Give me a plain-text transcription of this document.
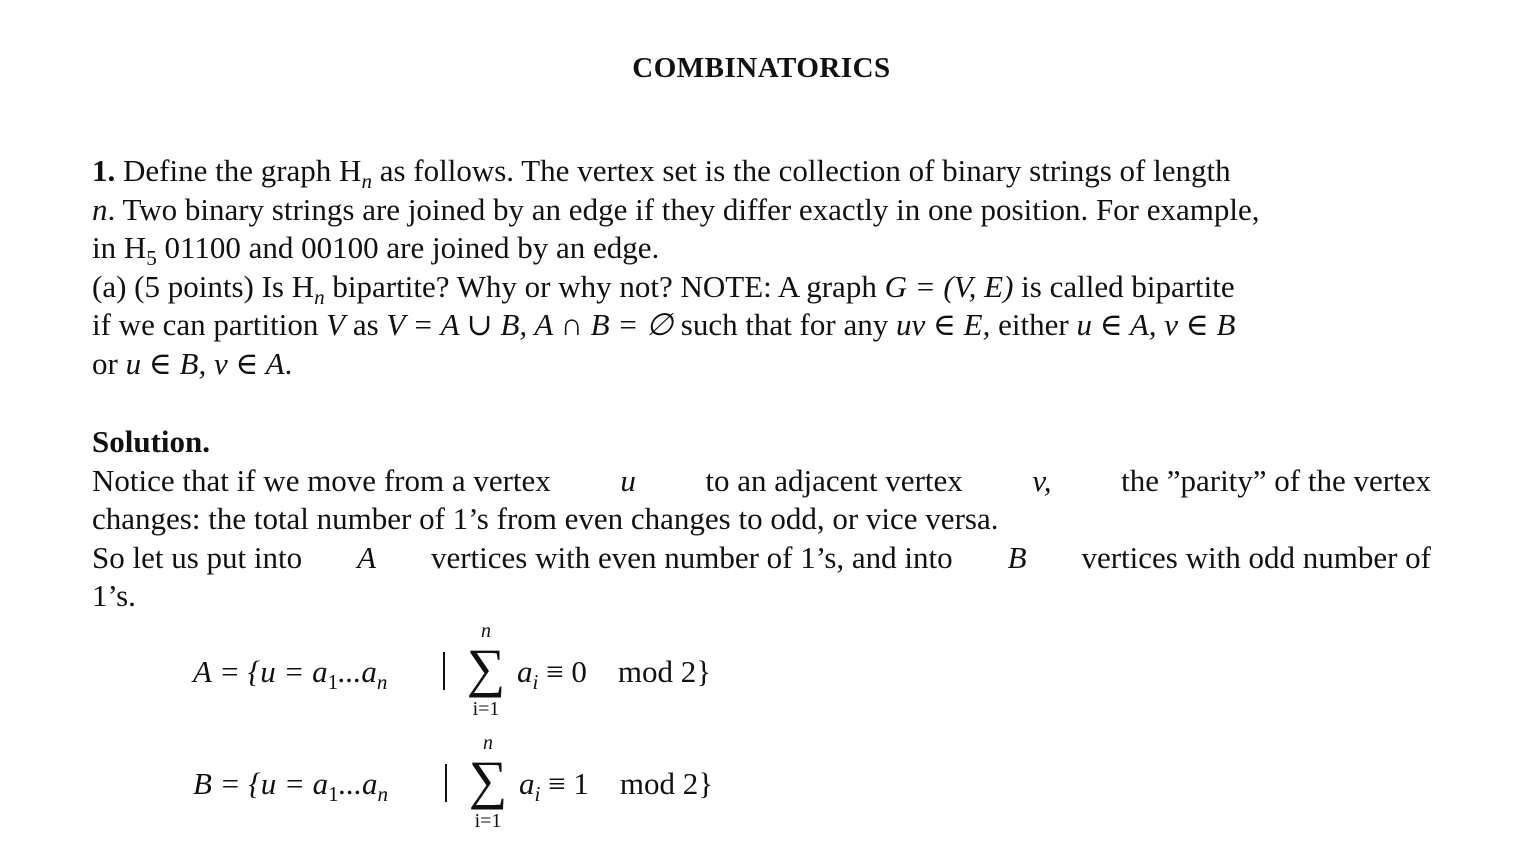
COMBINATORICS
1. Define the graph $H_n$ as follows. The vertex set is the collection of binary strings of length
n. Two binary strings are joined by an edge if they differ exactly in one position. For example,
in $H_5$ 01100 and 00100 are joined by an edge.
(a) (5 points) Is $H_n$ bipartite? Why or why not? NOTE: A graph G = (V, E) is called bipartite
if we can partition V as V = A ∪ B, A ∩ B = ∅ such that for any uv ∈ E, either u ∈ A, v ∈ B
or u ∈ B, v ∈ A.
Solution.
Notice that if we move from a vertex u to an adjacent vertex v, the ”parity” of the vertex
changes: the total number of 1’s from even changes to odd, or vice versa.
So let us put into A vertices with even number of 1’s, and into B vertices with odd number of
1’s.
$A = \{u = a_1...a_n$
n
∑
i=1
$a_i \equiv 0$    mod 2}
$B = \{u = a_1...a_n$
n
∑
i=1
$a_i \equiv 1$    mod 2}
